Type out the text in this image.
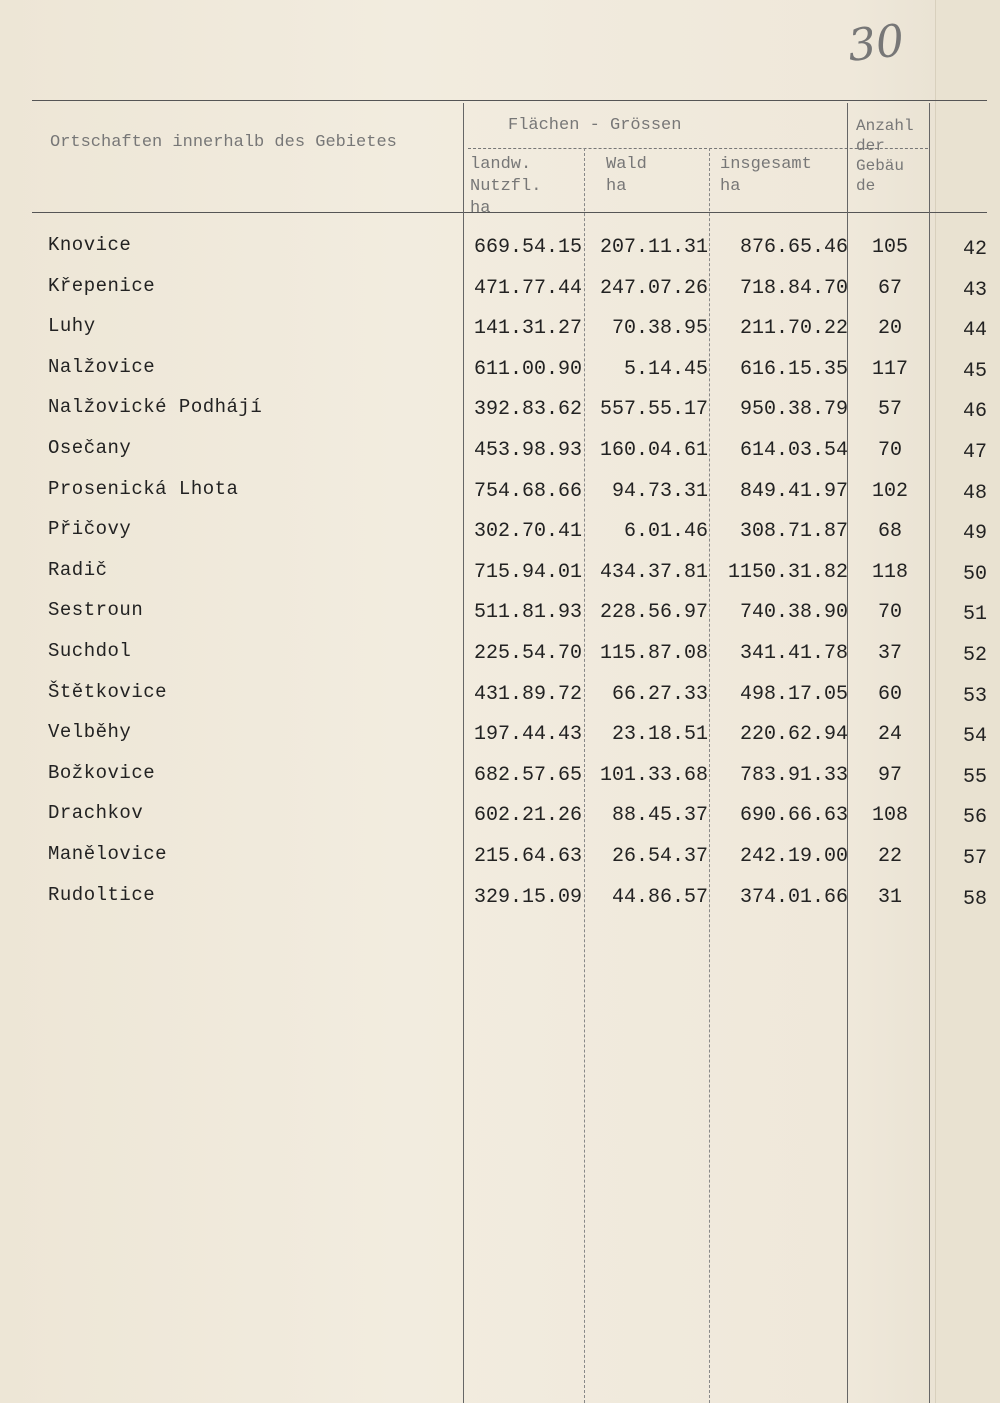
30
Ortschaften innerhalb des Gebietes
Flächen - Grössen
landw.
Nutzfl.
ha
Wald
ha
insgesamt
ha
Anzahl
der
Gebäu
de
Knovice	669.54.15 207.11.31	876.65.46	105	42
Křepenice	471.77.44 247.07.26	718.84.70	67	43
Luhy	141.31.27	70.38.95	211.70.22	20	44
Nalžovice	611.00.90	5.14.45	616.15.35	117	45
Nalžovické Podhájí	392.83.62 557.55.17	950.38.79	57	46
Osečany	453.98.93 160.04.61	614.03.54	70	47
Prosenická Lhota	754.68.66	94.73.31	849.41.97	102	48
Přičovy	302.70.41	6.01.46	308.71.87	68	49
Radič	715.94.01 434.37.81 1150.31.82	118	50
Sestroun	511.81.93 228.56.97	740.38.90	70	51
Suchdol	225.54.70 115.87.08	341.41.78	37	52
Štětkovice	431.89.72	66.27.33	498.17.05	60	53
Velběhy	197.44.43	23.18.51	220.62.94	24	54
Božkovice	682.57.65 101.33.68	783.91.33	97	55
Drachkov	602.21.26	88.45.37	690.66.63	108	56
Manělovice	215.64.63	26.54.37	242.19.00	22	57
Rudoltice	329.15.09	44.86.57	374.01.66	31	58
